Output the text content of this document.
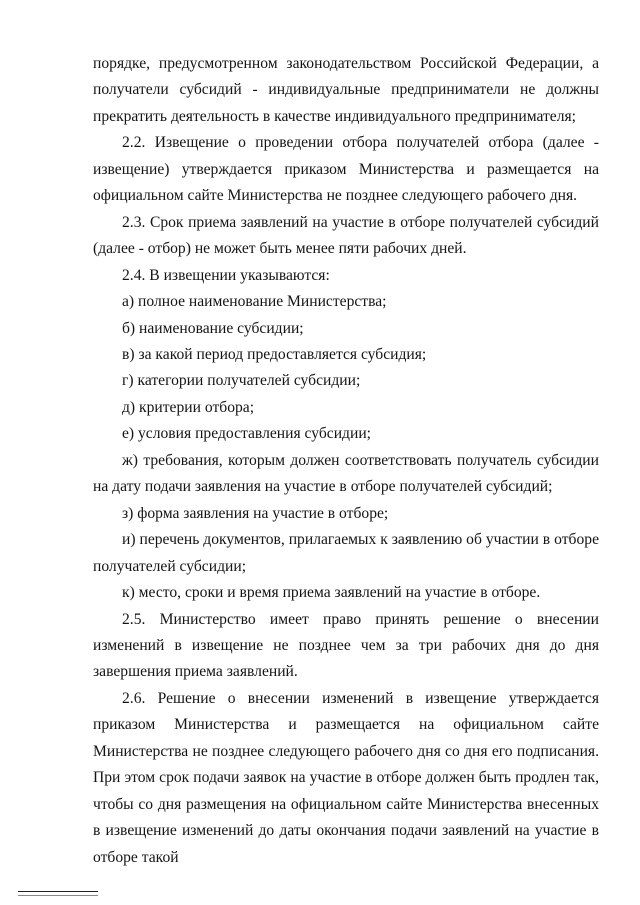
порядке, предусмотренном законодательством Российской Федерации, а получатели субсидий - индивидуальные предприниматели не должны прекратить деятельность в качестве индивидуального предпринимателя;

2.2. Извещение о проведении отбора получателей отбора (далее - извещение) утверждается приказом Министерства и размещается на официальном сайте Министерства не позднее следующего рабочего дня.

2.3. Срок приема заявлений на участие в отборе получателей субсидий (далее - отбор) не может быть менее пяти рабочих дней.

2.4. В извещении указываются:

а) полное наименование Министерства;

б) наименование субсидии;

в) за какой период предоставляется субсидия;

г) категории получателей субсидии;

д) критерии отбора;

е) условия предоставления субсидии;

ж) требования, которым должен соответствовать получатель субсидии на дату подачи заявления на участие в отборе получателей субсидий;

з) форма заявления на участие в отборе;

и) перечень документов, прилагаемых к заявлению об участии в отборе получателей субсидии;

к) место, сроки и время приема заявлений на участие в отборе.

2.5. Министерство имеет право принять решение о внесении изменений в извещение не позднее чем за три рабочих дня до дня завершения приема заявлений.

2.6. Решение о внесении изменений в извещение утверждается приказом Министерства и размещается на официальном сайте Министерства не позднее следующего рабочего дня со дня его подписания. При этом срок подачи заявок на участие в отборе должен быть продлен так, чтобы со дня размещения на официальном сайте Министерства внесенных в извещение изменений до даты окончания подачи заявлений на участие в отборе такой
